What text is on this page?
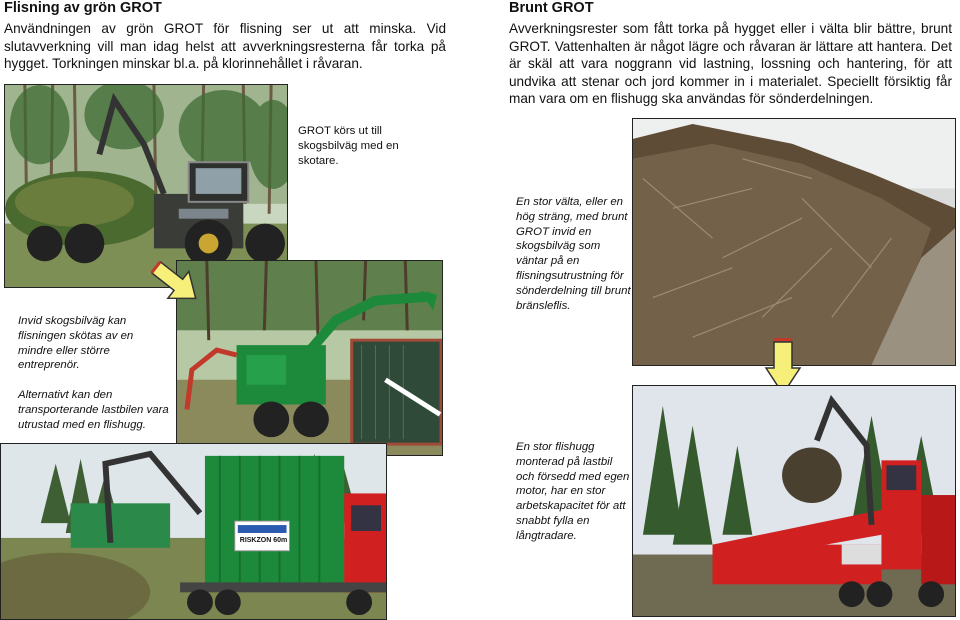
Flisning av grön GROT

Användningen av grön GROT för flisning ser ut att minska. Vid slutavverkning vill man idag helst att avverkningsresterna får torka på hygget. Torkningen minskar bl.a. på klorinnehållet i råvaran.

Brunt GROT

Avverkningsrester som fått torka på hygget eller i välta blir bättre, brunt GROT. Vattenhalten är något lägre och råvaran är lättare att hantera. Det är skäl att vara noggrann vid lastning, lossning och hantering, för att undvika att stenar och jord kommer in i materialet. Speciellt försiktig får man vara om en flishugg ska användas för sönderdelningen.

GROT körs ut till skogsbilväg med en skotare.

Invid skogsbilväg kan flisningen skötas av en mindre eller större entreprenör.

Alternativt kan den transporterande lastbilen vara utrustad med en flishugg.

RISKZON 60m

En stor välta, eller en hög sträng, med brunt GROT invid en skogsbilväg som väntar på en flisningsutrustning för sönderdelning till brunt bränsleflis.

En stor flishugg monterad på lastbil och försedd med egen motor, har en stor arbetskapacitet för att snabbt fylla en långtradare.
